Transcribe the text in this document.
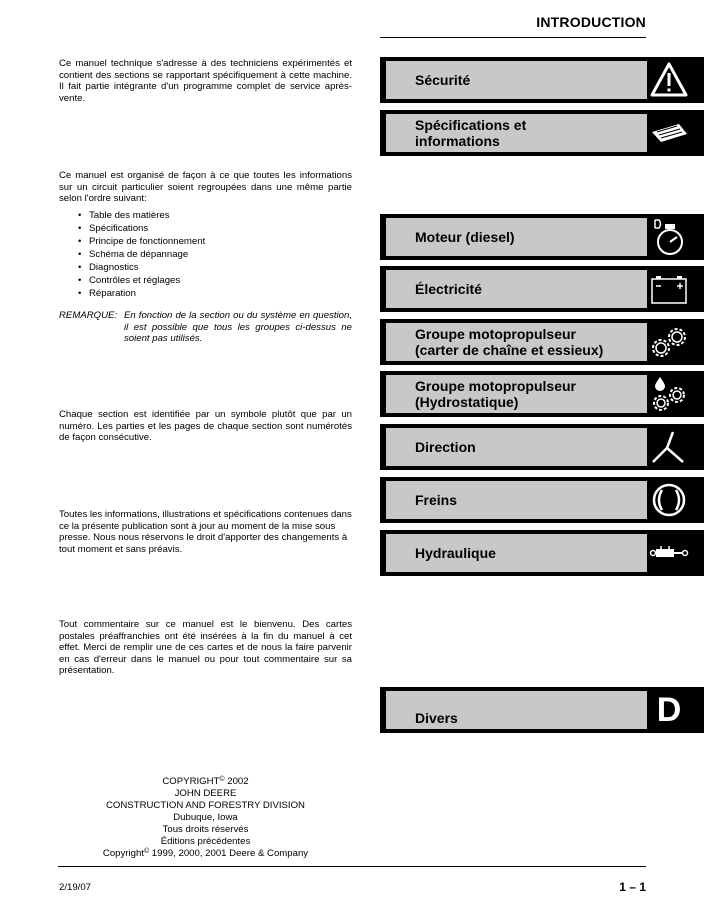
INTRODUCTION

Ce manuel technique s'adresse à des techniciens expérimentés et contient des sections se rapportant spécifiquement à cette machine. Il fait partie intégrante d'un programme complet de service après-vente.

Ce manuel est organisé de façon à ce que toutes les informations sur un circuit particulier soient regroupées dans une même partie selon l'ordre suivant:

• Table des matières
• Spécifications
• Principe de fonctionnement
• Schéma de dépannage
• Diagnostics
• Contrôles et réglages
• Réparation
REMARQUE: En fonction de la section ou du système en question, il est possible que tous les groupes ci-dessus ne soient pas utilisés.

Chaque section est identifiée par un symbole plutôt que par un numéro. Les parties et les pages de chaque section sont numérotés de façon consécutive.

Toutes les informations, illustrations et spécifications contenues dans ce la présente publication sont à jour au moment de la mise sous presse. Nous nous réservons le droit d'apporter des changements à tout moment et sans préavis.

Tout commentaire sur ce manuel est le bienvenu. Des cartes postales préaffranchies ont été insérées à la fin du manuel à cet effet. Merci de remplir une de ces cartes et de nous la faire parvenir en cas d'erreur dans le manuel ou pour tout commentaire sur sa présentation.

COPYRIGHT© 2002
JOHN DEERE
CONSTRUCTION AND FORESTRY DIVISION
Dubuque, Iowa
Tous droits réservés
Éditions précédentes
Copyright© 1999, 2000, 2001 Deere & Company
Sécurité
Spécifications et
informations
Moteur (diesel)
Électricité
Groupe motopropulseur
(carter de chaîne et essieux)
Groupe motopropulseur
(Hydrostatique)
Direction
Freins
Hydraulique
Divers	D
2/19/07	1 – 1
